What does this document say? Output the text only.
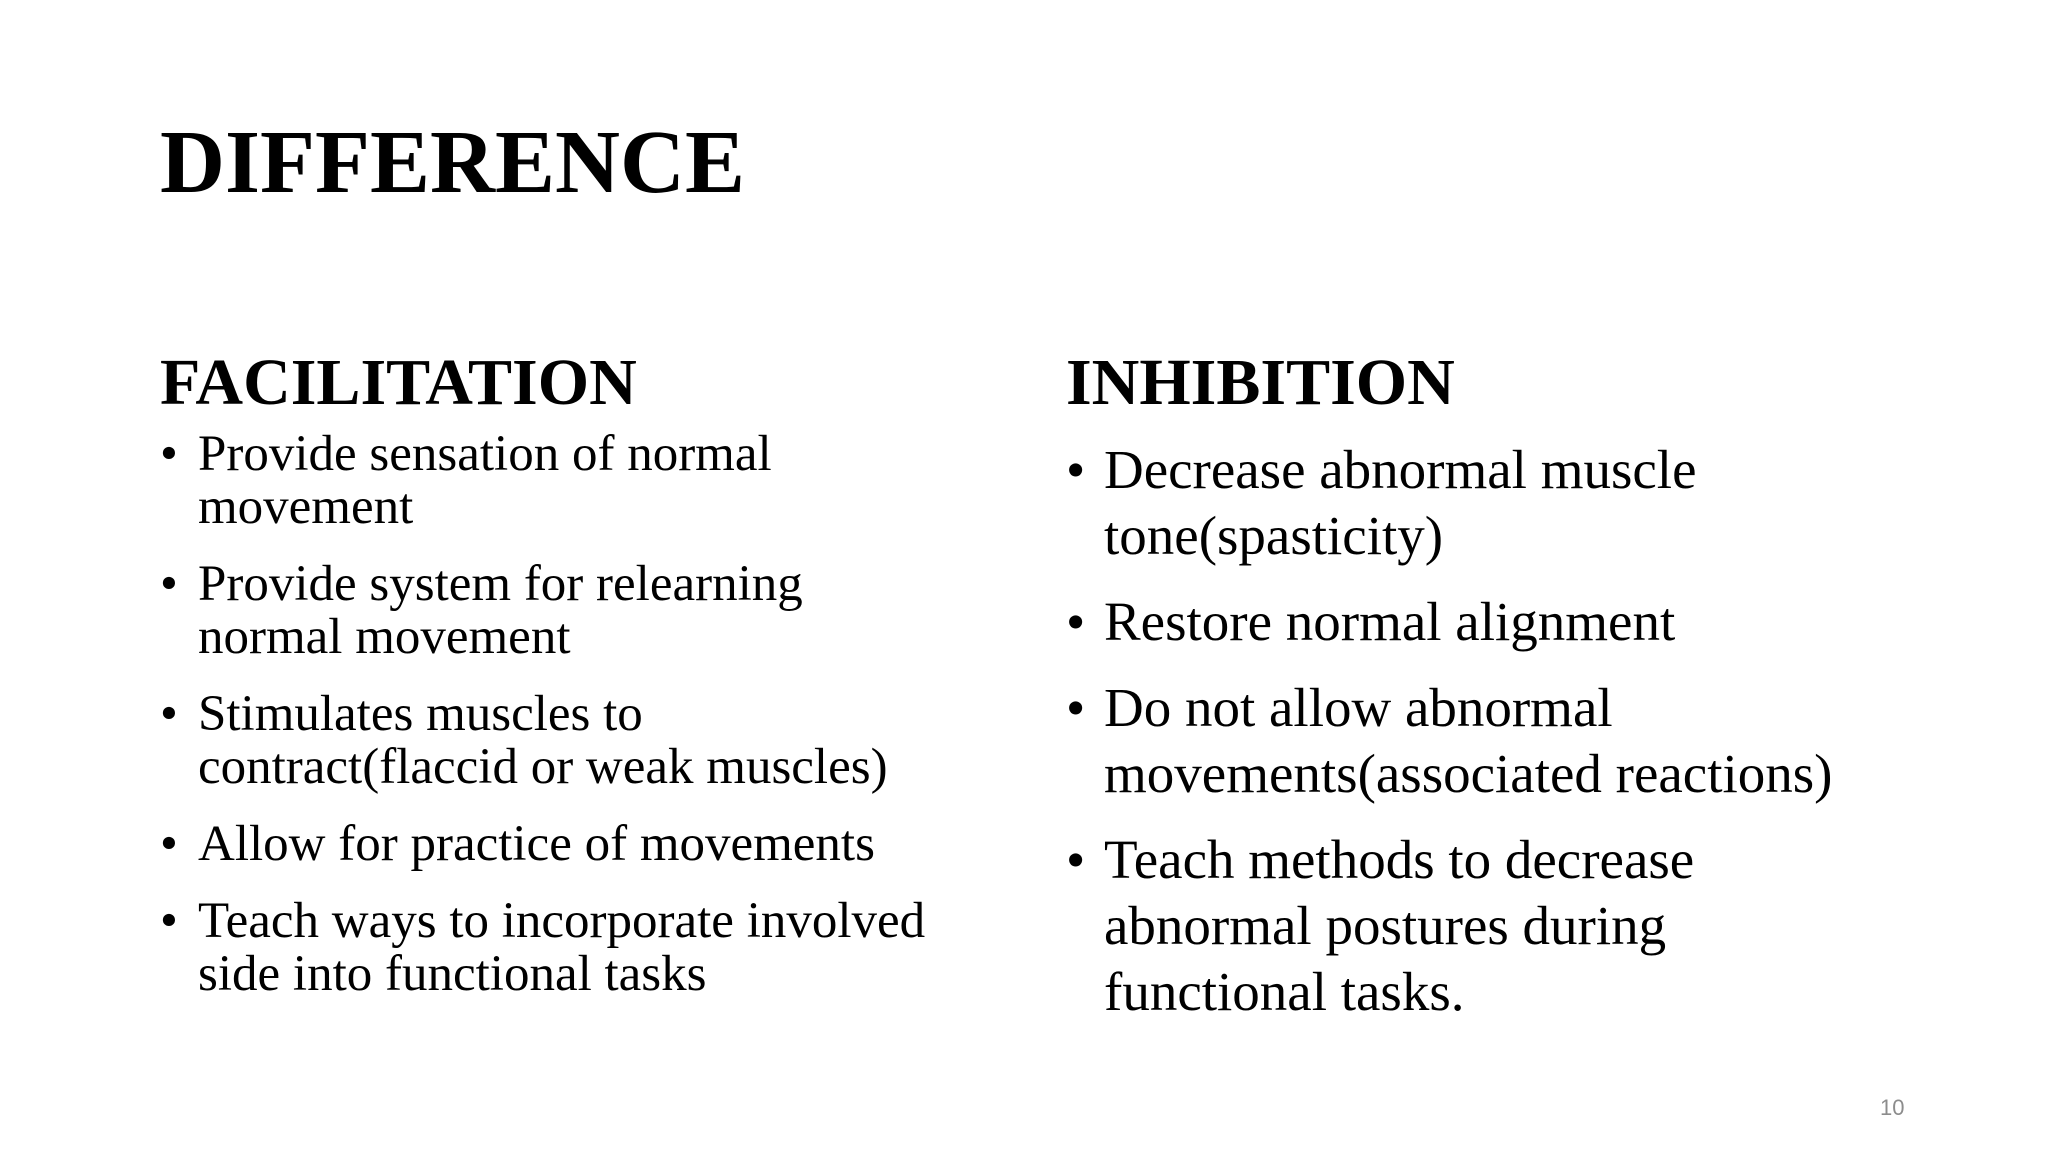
DIFFERENCE
FACILITATION	INHIBITION
• Provide sensation of normal
movement
• Provide system for relearning
normal movement
• Stimulates muscles to
contract(flaccid or weak muscles)
• Allow for practice of movements
• Teach ways to incorporate involved
side into functional tasks
• Decrease abnormal muscle
tone(spasticity)
• Restore normal alignment
• Do not allow abnormal
movements(associated reactions)
• Teach methods to decrease
abnormal postures during
functional tasks.
10
